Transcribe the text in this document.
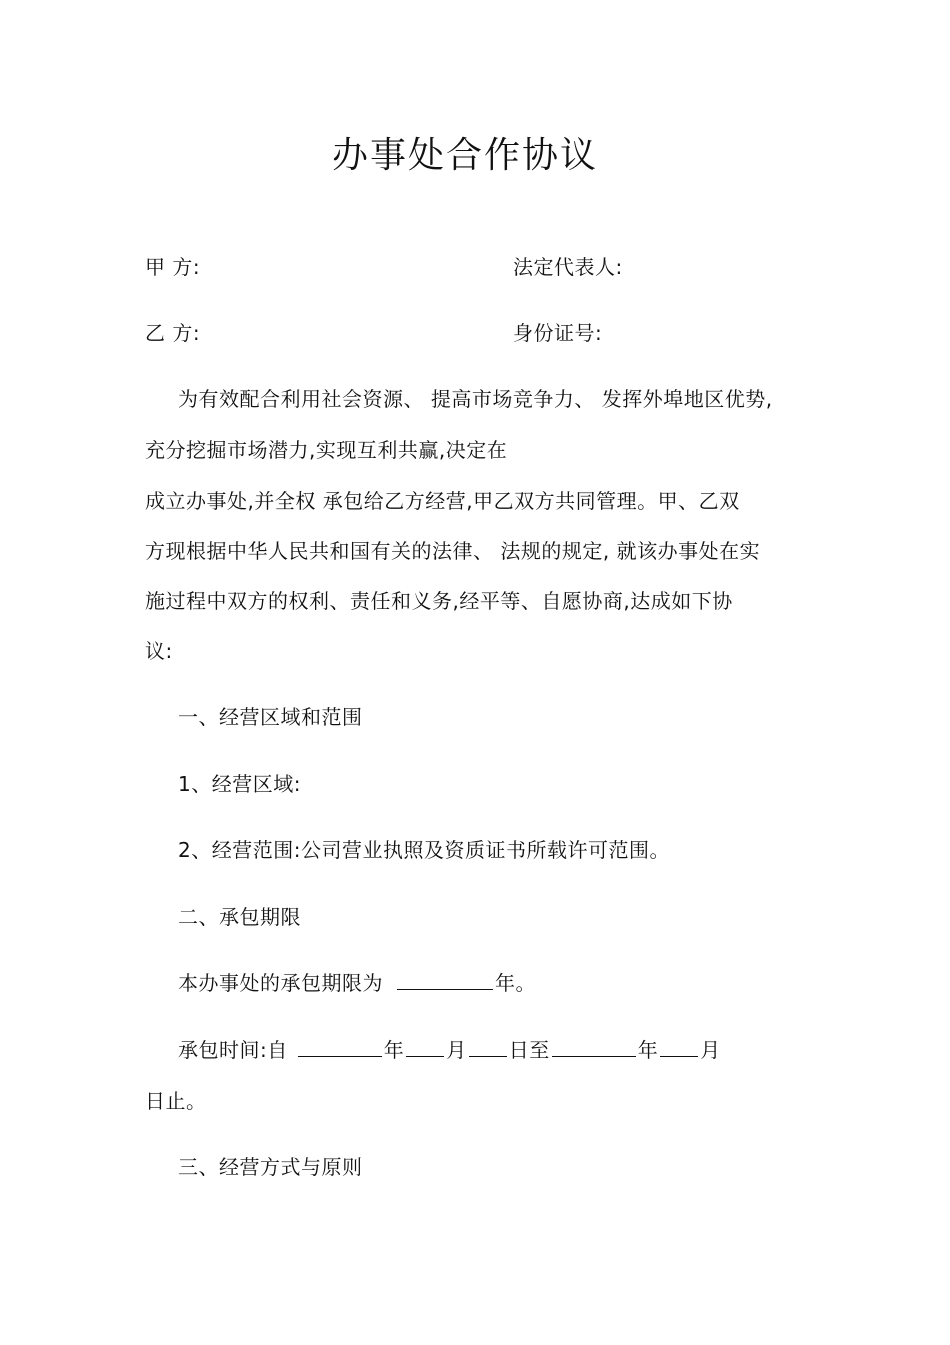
办事处合作协议
甲 方:	法定代表人:
乙 方:	身份证号:
为有效配合利用社会资源、 提高市场竞争力、 发挥外埠地区优势,
充分挖掘市场潜力,实现互利共赢,决定在
成立办事处,并全权 承包给乙方经营,甲乙双方共同管理。甲、乙双
方现根据中华人民共和国有关的法律、 法规的规定, 就该办事处在实
施过程中双方的权利、责任和义务,经平等、自愿协商,达成如下协
议:
一、经营区域和范围
1、经营区域:
2、经营范围:公司营业执照及资质证书所载许可范围。
二、承包期限
本办事处的承包期限为	年。
承包时间:自	年 月 日至	年 月
日止。
三、经营方式与原则
